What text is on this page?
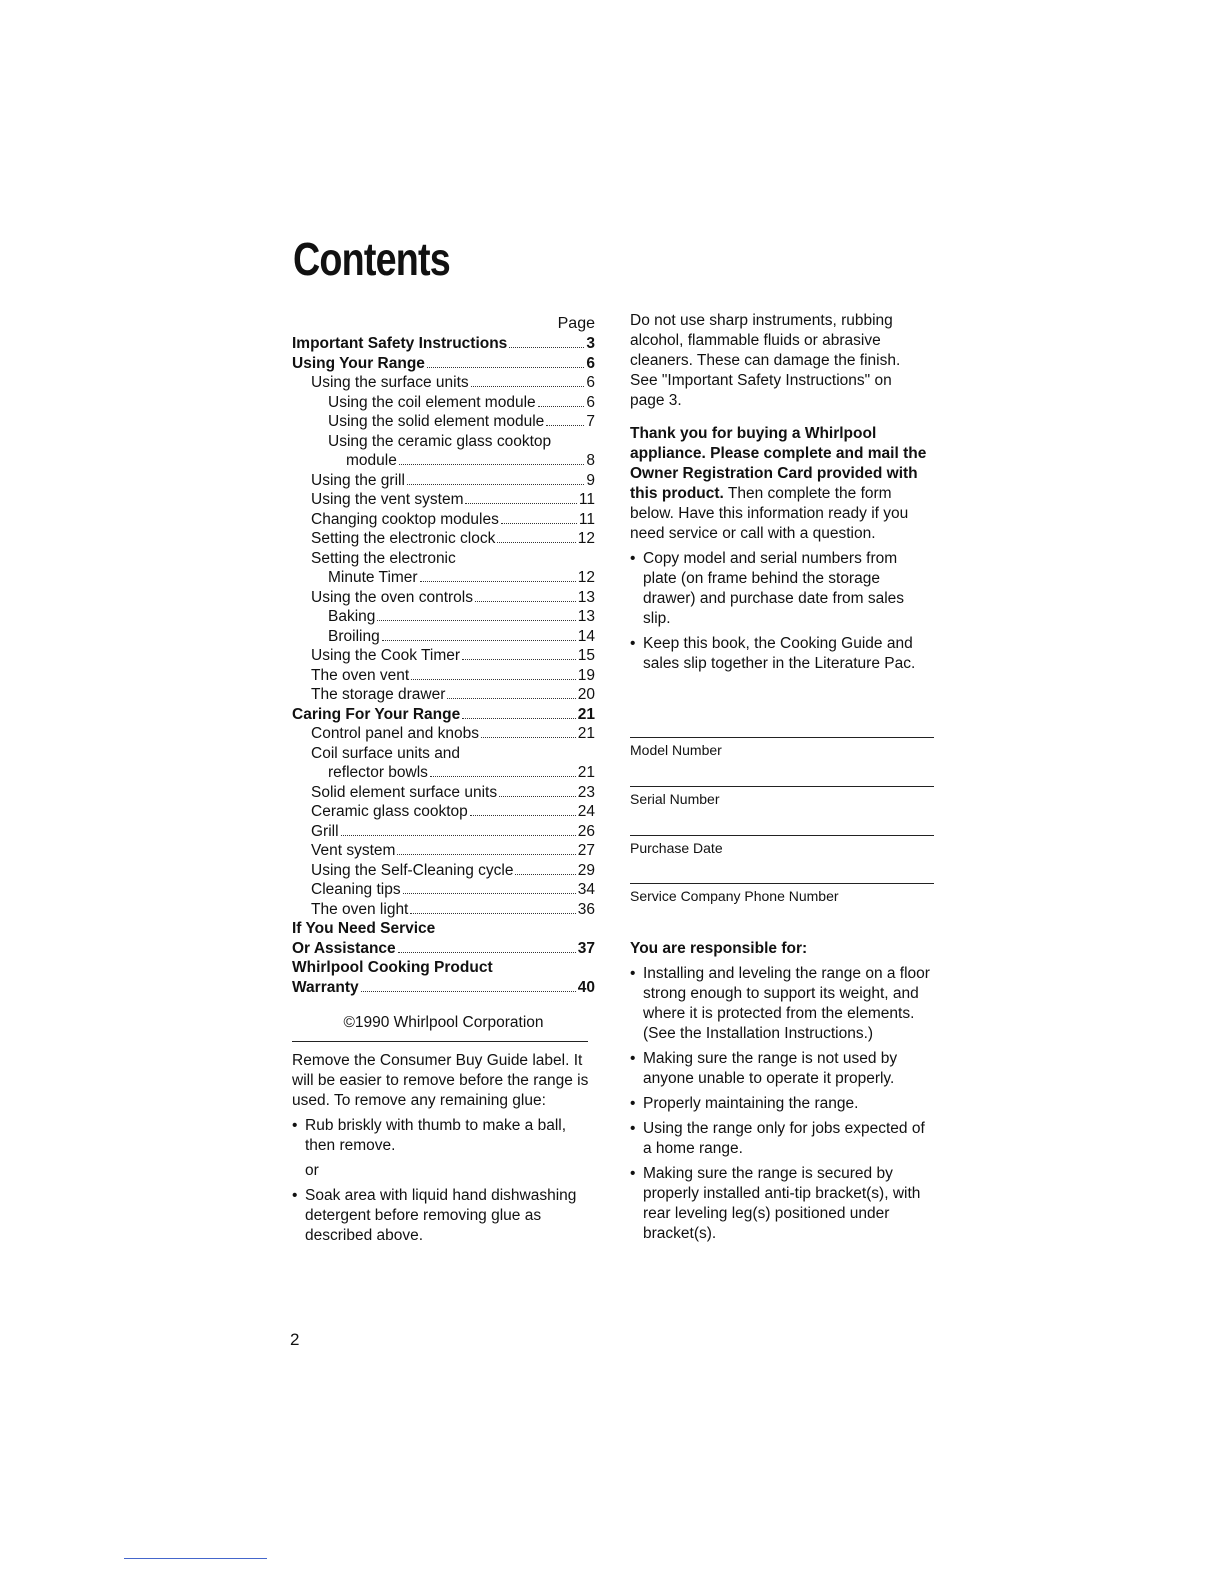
Contents
Page
Important Safety Instructions	3
Using Your Range	6
Using the surface units	6
Using the coil element module	6
Using the solid element module	7
Using the ceramic glass cooktop
module	8
Using the grill	9
Using the vent system	11
Changing cooktop modules	11
Setting the electronic clock	12
Setting the electronic
Minute Timer	12
Using the oven controls	13
Baking	13
Broiling	14
Using the Cook Timer	15
The oven vent	19
The storage drawer	20
Caring For Your Range	21
Control panel and knobs	21
Coil surface units and
reflector bowls	21
Solid element surface units	23
Ceramic glass cooktop	24
Grill	26
Vent system	27
Using the Self-Cleaning cycle	29
Cleaning tips	34
The oven light	36
If You Need Service
Or Assistance	37
Whirlpool Cooking Product
Warranty	40
©1990 Whirlpool Corporation
Remove the Consumer Buy Guide label. It will be easier to remove before the range is used. To remove any remaining glue:
• Rub briskly with thumb to make a ball, then remove.
or
• Soak area with liquid hand dishwashing detergent before removing glue as described above.

Do not use sharp instruments, rubbing alcohol, flammable fluids or abrasive cleaners. These can damage the finish. See "Important Safety Instructions" on page 3.

Thank you for buying a Whirlpool appliance. Please complete and mail the Owner Registration Card provided with this product. Then complete the form below. Have this information ready if you need service or call with a question.

• Copy model and serial numbers from plate (on frame behind the storage drawer) and purchase date from sales slip.
• Keep this book, the Cooking Guide and sales slip together in the Literature Pac.
Model Number
Serial Number
Purchase Date
Service Company Phone Number
You are responsible for:
• Installing and leveling the range on a floor strong enough to support its weight, and where it is protected from the elements. (See the Installation Instructions.)
• Making sure the range is not used by anyone unable to operate it properly.
• Properly maintaining the range.
• Using the range only for jobs expected of a home range.
• Making sure the range is secured by properly installed anti-tip bracket(s), with rear leveling leg(s) positioned under bracket(s).
2
